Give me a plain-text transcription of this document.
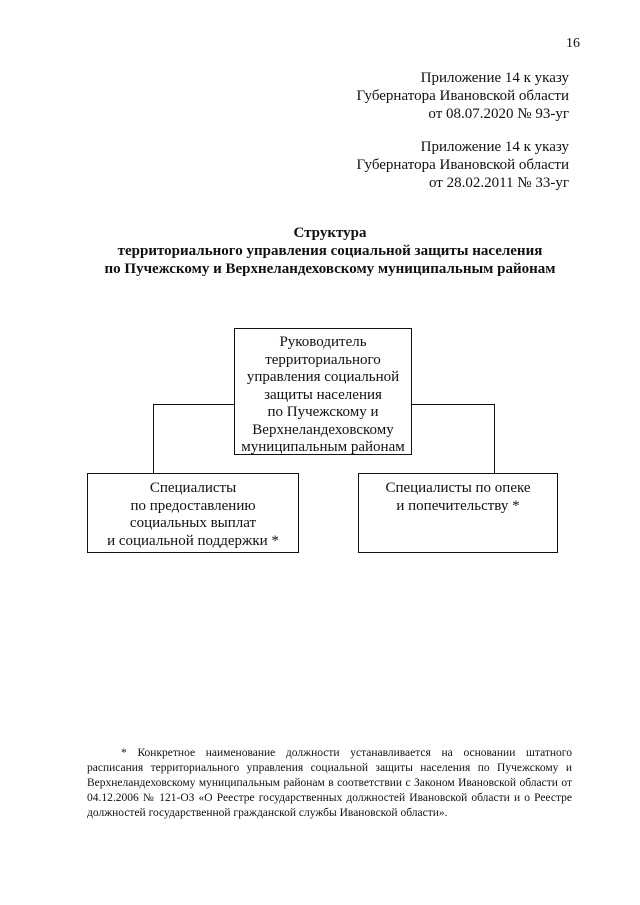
16
Приложение 14 к указу
Губернатора Ивановской области
от 08.07.2020 № 93-уг
Приложение 14 к указу
Губернатора Ивановской области
от 28.02.2011 № 33-уг
Структура
территориального управления социальной защиты населения
по Пучежскому и Верхнеландеховскому муниципальным районам
Руководитель
территориального
управления социальной
защиты населения
по Пучежскому и
Верхнеландеховскому
муниципальным районам
Специалисты
по предоставлению
социальных выплат
и социальной поддержки *
Специалисты по опеке
и попечительству *
* Конкретное наименование должности устанавливается на основании штатного расписания территориального управления социальной защиты населения по Пучежскому и Верхнеландеховскому муниципальным районам в соответствии с Законом Ивановской области от 04.12.2006 № 121-ОЗ «О Реестре государственных должностей Ивановской области и о Реестре должностей государственной гражданской службы Ивановской области».
